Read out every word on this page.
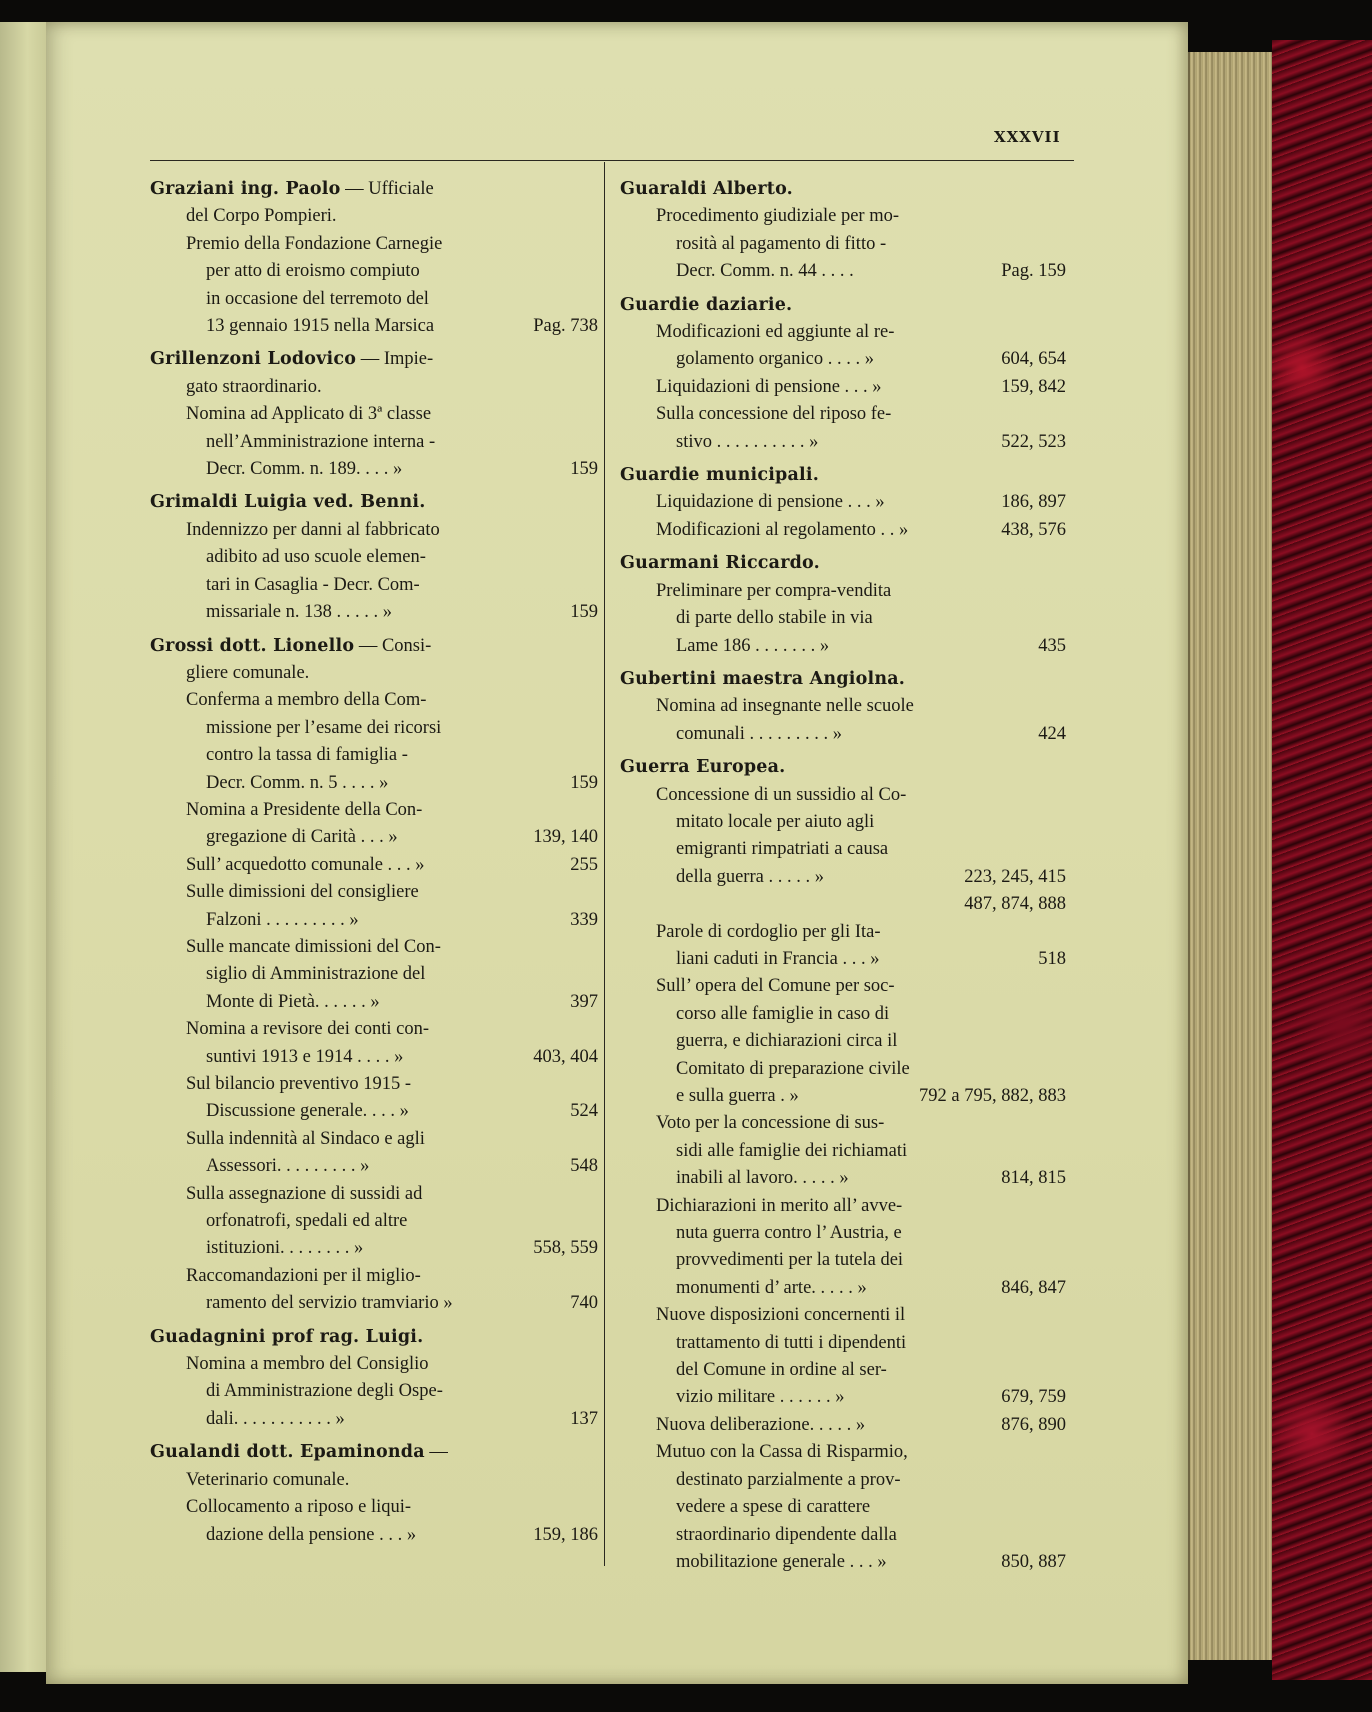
XXXVII
Graziani ing. Paolo — Ufficiale
del Corpo Pompieri.
Premio della Fondazione Carnegie
per atto di eroismo compiuto
in occasione del terremoto del
13 gennaio 1915 nella Marsica	Pag. 738
Grillenzoni Lodovico — Impie-
gato straordinario.
Nomina ad Applicato di 3ª classe
nell’Amministrazione interna -
Decr. Comm. n. 189. . . . »	159
Grimaldi Luigia ved. Benni.
Indennizzo per danni al fabbricato
adibito ad uso scuole elemen-
tari in Casaglia - Decr. Com-
missariale n. 138 . . . . . »	159
Grossi dott. Lionello — Consi-
gliere comunale.
Conferma a membro della Com-
missione per l’esame dei ricorsi
contro la tassa di famiglia -
Decr. Comm. n. 5 . . . . »	159
Nomina a Presidente della Con-
gregazione di Carità . . . »	139, 140
Sull’ acquedotto comunale . . . »	255
Sulle dimissioni del consigliere
Falzoni . . . . . . . . . »	339
Sulle mancate dimissioni del Con-
siglio di Amministrazione del
Monte di Pietà. . . . . . »	397
Nomina a revisore dei conti con-
suntivi 1913 e 1914 . . . . »	403, 404
Sul bilancio preventivo 1915 -
Discussione generale. . . . »	524
Sulla indennità al Sindaco e agli
Assessori. . . . . . . . . »	548
Sulla assegnazione di sussidi ad
orfonatrofi, spedali ed altre
istituzioni. . . . . . . . »	558, 559
Raccomandazioni per il miglio-
ramento del servizio tramviario »	740
Guadagnini prof rag. Luigi.
Nomina a membro del Consiglio
di Amministrazione degli Ospe-
dali. . . . . . . . . . . »	137
Gualandi dott. Epaminonda —
Veterinario comunale.
Collocamento a riposo e liqui-
dazione della pensione . . . »	159, 186
Guaraldi Alberto.
Procedimento giudiziale per mo-
rosità al pagamento di fitto -
Decr. Comm. n. 44 . . . .	Pag. 159
Guardie daziarie.
Modificazioni ed aggiunte al re-
golamento organico . . . . »	604, 654
Liquidazioni di pensione . . . »	159, 842
Sulla concessione del riposo fe-
stivo . . . . . . . . . . »	522, 523
Guardie municipali.
Liquidazione di pensione . . . »	186, 897
Modificazioni al regolamento . . »	438, 576
Guarmani Riccardo.
Preliminare per compra-vendita
di parte dello stabile in via
Lame 186 . . . . . . . »	435
Gubertini maestra Angiolna.
Nomina ad insegnante nelle scuole
comunali . . . . . . . . . »	424
Guerra Europea.
Concessione di un sussidio al Co-
mitato locale per aiuto agli
emigranti rimpatriati a causa
della guerra . . . . . »	223, 245, 415
487, 874, 888
Parole di cordoglio per gli Ita-
liani caduti in Francia . . . »	518
Sull’ opera del Comune per soc-
corso alle famiglie in caso di
guerra, e dichiarazioni circa il
Comitato di preparazione civile
e sulla guerra . »	792 a 795, 882, 883
Voto per la concessione di sus-
sidi alle famiglie dei richiamati
inabili al lavoro. . . . . »	814, 815
Dichiarazioni in merito all’ avve-
nuta guerra contro l’ Austria, e
provvedimenti per la tutela dei
monumenti d’ arte. . . . . »	846, 847
Nuove disposizioni concernenti il
trattamento di tutti i dipendenti
del Comune in ordine al ser-
vizio militare . . . . . . »	679, 759
Nuova deliberazione. . . . . »	876, 890
Mutuo con la Cassa di Risparmio,
destinato parzialmente a prov-
vedere a spese di carattere
straordinario dipendente dalla
mobilitazione generale . . . »	850, 887
